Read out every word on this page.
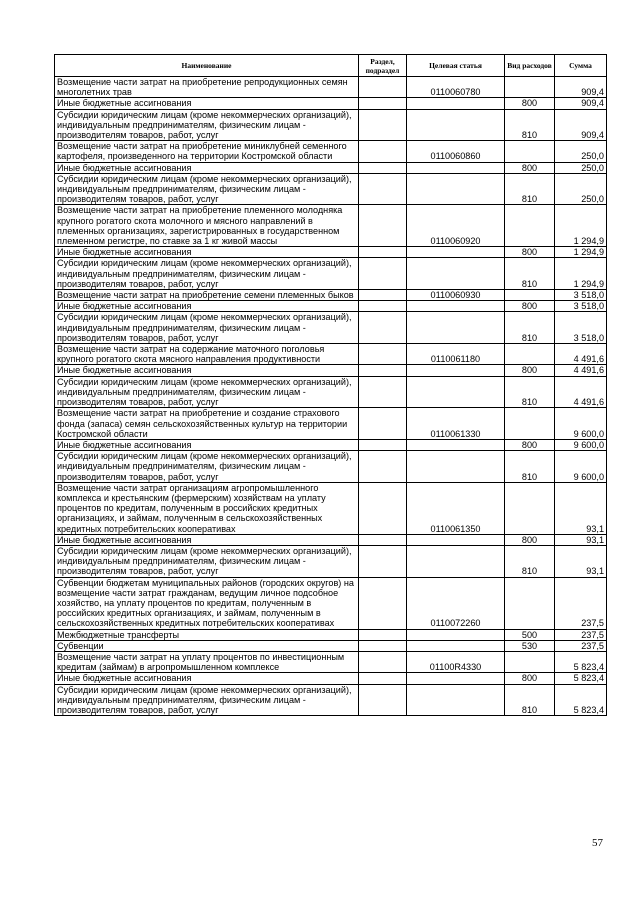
Наименование	Раздел, подраздел	Целевая статья	Вид расходов	Сумма
Возмещение части затрат на приобретение репродукционных семян многолетних трав		0110060780		909,4
Иные бюджетные ассигнования			800	909,4
Субсидии юридическим лицам (кроме некоммерческих организаций), индивидуальным предпринимателям, физическим лицам - производителям товаров, работ, услуг			810	909,4
Возмещение части затрат на приобретение миниклубней семенного картофеля, произведенного на территории Костромской области		0110060860		250,0
Иные бюджетные ассигнования			800	250,0
Субсидии юридическим лицам (кроме некоммерческих организаций), индивидуальным предпринимателям, физическим лицам - производителям товаров, работ, услуг			810	250,0
Возмещение части затрат на приобретение племенного молодняка крупного рогатого скота молочного и мясного направлений в племенных организациях, зарегистрированных в государственном племенном регистре, по ставке за 1 кг живой массы		0110060920		1 294,9
Иные бюджетные ассигнования			800	1 294,9
Субсидии юридическим лицам (кроме некоммерческих организаций), индивидуальным предпринимателям, физическим лицам - производителям товаров, работ, услуг			810	1 294,9
Возмещение части затрат на приобретение семени племенных быков		0110060930		3 518,0
Иные бюджетные ассигнования			800	3 518,0
Субсидии юридическим лицам (кроме некоммерческих организаций), индивидуальным предпринимателям, физическим лицам - производителям товаров, работ, услуг			810	3 518,0
Возмещение части затрат на содержание маточного поголовья крупного рогатого скота мясного направления продуктивности		0110061180		4 491,6
Иные бюджетные ассигнования			800	4 491,6
Субсидии юридическим лицам (кроме некоммерческих организаций), индивидуальным предпринимателям, физическим лицам - производителям товаров, работ, услуг			810	4 491,6
Возмещение части затрат на приобретение и создание страхового фонда (запаса) семян сельскохозяйственных культур на территории Костромской области		0110061330		9 600,0
Иные бюджетные ассигнования			800	9 600,0
Субсидии юридическим лицам (кроме некоммерческих организаций), индивидуальным предпринимателям, физическим лицам - производителям товаров, работ, услуг			810	9 600,0
Возмещение части затрат организациям агропромышленного комплекса и крестьянским (фермерским) хозяйствам на уплату процентов по кредитам, полученным в российских кредитных организациях, и займам, полученным в сельскохозяйственных кредитных потребительских кооперативах		0110061350		93,1
Иные бюджетные ассигнования			800	93,1
Субсидии юридическим лицам (кроме некоммерческих организаций), индивидуальным предпринимателям, физическим лицам - производителям товаров, работ, услуг			810	93,1
Субвенции бюджетам муниципальных районов (городских округов) на возмещение части затрат гражданам, ведущим личное подсобное хозяйство, на уплату процентов по кредитам, полученным в российских кредитных организациях, и займам, полученным в сельскохозяйственных кредитных потребительских кооперативах		0110072260		237,5
Межбюджетные трансферты			500	237,5
Субвенции			530	237,5
Возмещение части затрат на уплату процентов по инвестиционным кредитам (займам) в агропромышленном комплексе		01100R4330		5 823,4
Иные бюджетные ассигнования			800	5 823,4
Субсидии юридическим лицам (кроме некоммерческих организаций), индивидуальным предпринимателям, физическим лицам - производителям товаров, работ, услуг			810	5 823,4
57
